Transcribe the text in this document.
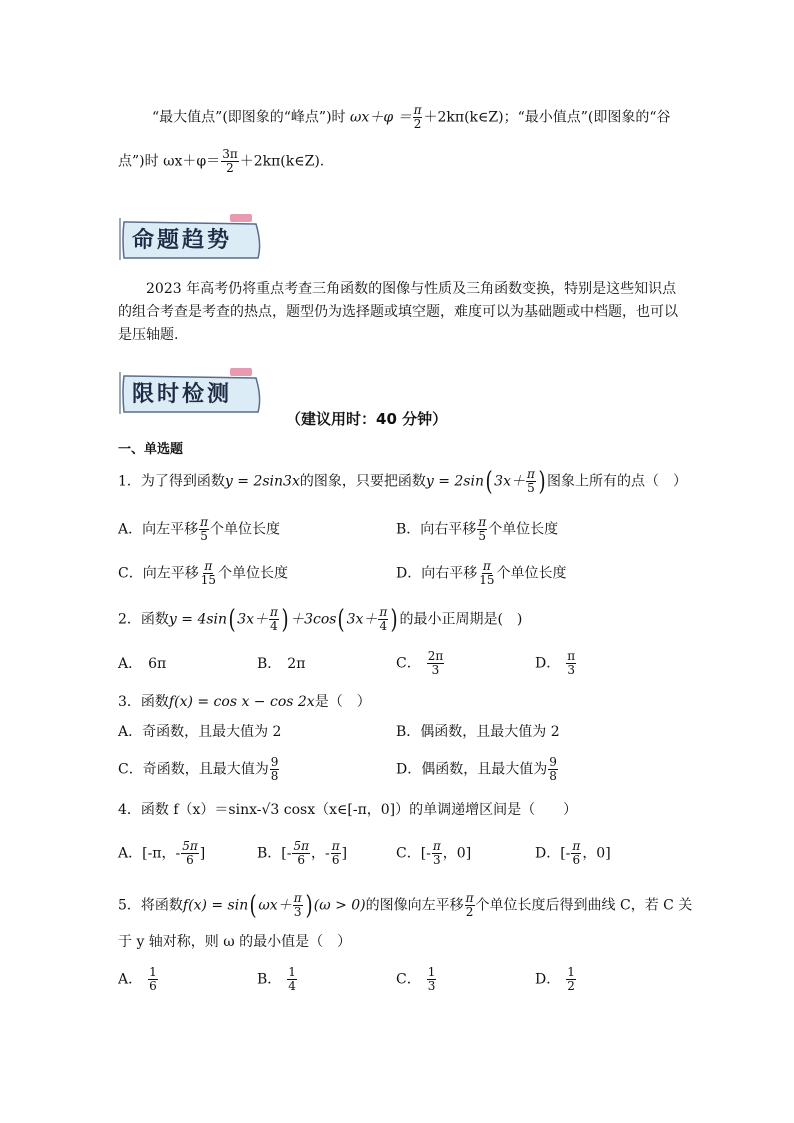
“最大值点”(即图象的“峰点”)时 $\omega x+\varphi = \frac{\pi}{2}$ ＋2kπ(k∈Z)；“最小值点”(即图象的“谷
点”)时 $\omega x+\varphi= \frac{3\pi}{2}$ ＋2kπ(k∈Z).
命题趋势
2023 年高考仍将重点考查三角函数的图像与性质及三角函数变换，特别是这些知识点的组合考查是考查的热点，题型仍为选择题或填空题，难度可以为基础题或中档题，也可以是压轴题.
限时检测
（建议用时：40 分钟）
一、单选题
1．为了得到函数y = 2sin3x的图象，只要把函数y = 2sin( $3x+ \frac{\pi}{5}$ ) 图象上所有的点（　）
A．向左平移 $\frac{\pi}{5}$ 个单位长度	B．向右平移 $\frac{\pi}{5}$ 个单位长度
C．向左平移 $\frac{\pi}{15}$ 个单位长度	D．向右平移 $\frac{\pi}{15}$ 个单位长度
2．函数y = 4sin( $3x+ \frac{\pi}{4}$ ) ＋3cos( $3x+ \frac{\pi}{4}$ ) 的最小正周期是(　)
A． 6π	B． 2π	C． $\frac{2\pi}{3}$	D． $\frac{\pi}{3}$
3．函数f(x) = cos x − cos 2x是（　）
A．奇函数，且最大值为 2	B．偶函数，且最大值为 2
C．奇函数，且最大值为 $\frac{9}{8}$	D．偶函数，且最大值为 $\frac{9}{8}$
4．函数 f（x）＝sinx-√3 cosx（x∈[-π，0]）的单调递增区间是（　　）
A．[-π，- $\frac{5\pi}{6}$ ]	B．[- $\frac{5\pi}{6}$ ，- $\frac{\pi}{6}$ ]	C．[- $\frac{\pi}{3}$ ，0]	D．[- $\frac{\pi}{6}$ ，0]
5．将函数f(x) = sin( $\omega x+ \frac{\pi}{3}$ ) (ω > 0)的图像向左平移 $\frac{\pi}{2}$ 个单位长度后得到曲线 C，若 C 关
于 y 轴对称，则 ω 的最小值是（　）
A． $\frac{1}{6}$	B． $\frac{1}{4}$	C． $\frac{1}{3}$	D． $\frac{1}{2}$
